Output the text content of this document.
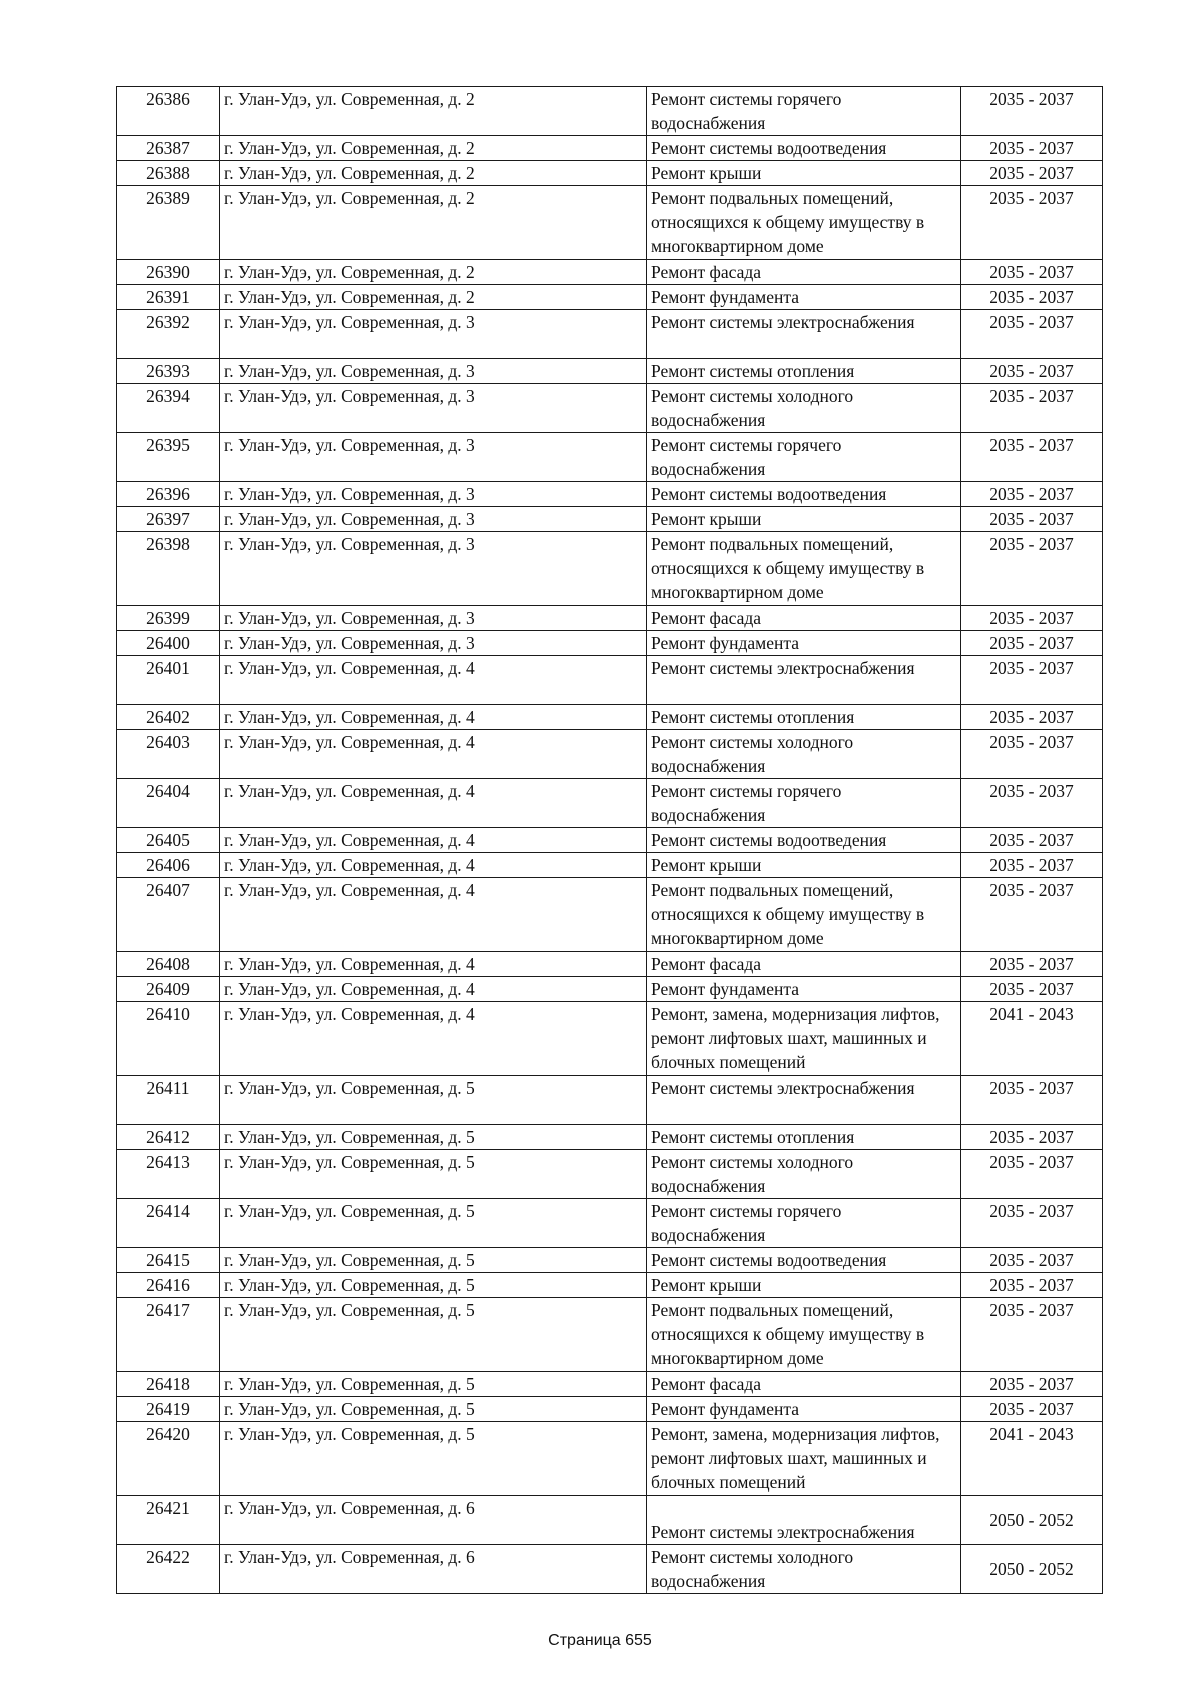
26386	г. Улан-Удэ, ул. Современная, д. 2	Ремонт системы горячего водоснабжения	2035 - 2037
26387	г. Улан-Удэ, ул. Современная, д. 2	Ремонт системы водоотведения	2035 - 2037
26388	г. Улан-Удэ, ул. Современная, д. 2	Ремонт крыши	2035 - 2037
26389	г. Улан-Удэ, ул. Современная, д. 2	Ремонт подвальных помещений, относящихся к общему имуществу в многоквартирном доме	2035 - 2037
26390	г. Улан-Удэ, ул. Современная, д. 2	Ремонт фасада	2035 - 2037
26391	г. Улан-Удэ, ул. Современная, д. 2	Ремонт фундамента	2035 - 2037
26392	г. Улан-Удэ, ул. Современная, д. 3	Ремонт системы электроснабжения	2035 - 2037
26393	г. Улан-Удэ, ул. Современная, д. 3	Ремонт системы отопления	2035 - 2037
26394	г. Улан-Удэ, ул. Современная, д. 3	Ремонт системы холодного водоснабжения	2035 - 2037
26395	г. Улан-Удэ, ул. Современная, д. 3	Ремонт системы горячего водоснабжения	2035 - 2037
26396	г. Улан-Удэ, ул. Современная, д. 3	Ремонт системы водоотведения	2035 - 2037
26397	г. Улан-Удэ, ул. Современная, д. 3	Ремонт крыши	2035 - 2037
26398	г. Улан-Удэ, ул. Современная, д. 3	Ремонт подвальных помещений, относящихся к общему имуществу в многоквартирном доме	2035 - 2037
26399	г. Улан-Удэ, ул. Современная, д. 3	Ремонт фасада	2035 - 2037
26400	г. Улан-Удэ, ул. Современная, д. 3	Ремонт фундамента	2035 - 2037
26401	г. Улан-Удэ, ул. Современная, д. 4	Ремонт системы электроснабжения	2035 - 2037
26402	г. Улан-Удэ, ул. Современная, д. 4	Ремонт системы отопления	2035 - 2037
26403	г. Улан-Удэ, ул. Современная, д. 4	Ремонт системы холодного водоснабжения	2035 - 2037
26404	г. Улан-Удэ, ул. Современная, д. 4	Ремонт системы горячего водоснабжения	2035 - 2037
26405	г. Улан-Удэ, ул. Современная, д. 4	Ремонт системы водоотведения	2035 - 2037
26406	г. Улан-Удэ, ул. Современная, д. 4	Ремонт крыши	2035 - 2037
26407	г. Улан-Удэ, ул. Современная, д. 4	Ремонт подвальных помещений, относящихся к общему имуществу в многоквартирном доме	2035 - 2037
26408	г. Улан-Удэ, ул. Современная, д. 4	Ремонт фасада	2035 - 2037
26409	г. Улан-Удэ, ул. Современная, д. 4	Ремонт фундамента	2035 - 2037
26410	г. Улан-Удэ, ул. Современная, д. 4	Ремонт, замена, модернизация лифтов, ремонт лифтовых шахт, машинных и блочных помещений	2041 - 2043
26411	г. Улан-Удэ, ул. Современная, д. 5	Ремонт системы электроснабжения	2035 - 2037
26412	г. Улан-Удэ, ул. Современная, д. 5	Ремонт системы отопления	2035 - 2037
26413	г. Улан-Удэ, ул. Современная, д. 5	Ремонт системы холодного водоснабжения	2035 - 2037
26414	г. Улан-Удэ, ул. Современная, д. 5	Ремонт системы горячего водоснабжения	2035 - 2037
26415	г. Улан-Удэ, ул. Современная, д. 5	Ремонт системы водоотведения	2035 - 2037
26416	г. Улан-Удэ, ул. Современная, д. 5	Ремонт крыши	2035 - 2037
26417	г. Улан-Удэ, ул. Современная, д. 5	Ремонт подвальных помещений, относящихся к общему имуществу в многоквартирном доме	2035 - 2037
26418	г. Улан-Удэ, ул. Современная, д. 5	Ремонт фасада	2035 - 2037
26419	г. Улан-Удэ, ул. Современная, д. 5	Ремонт фундамента	2035 - 2037
26420	г. Улан-Удэ, ул. Современная, д. 5	Ремонт, замена, модернизация лифтов, ремонт лифтовых шахт, машинных и блочных помещений	2041 - 2043
26421	г. Улан-Удэ, ул. Современная, д. 6	Ремонт системы электроснабжения	2050 - 2052
26422	г. Улан-Удэ, ул. Современная, д. 6	Ремонт системы холодного водоснабжения	2050 - 2052
Страница 655
